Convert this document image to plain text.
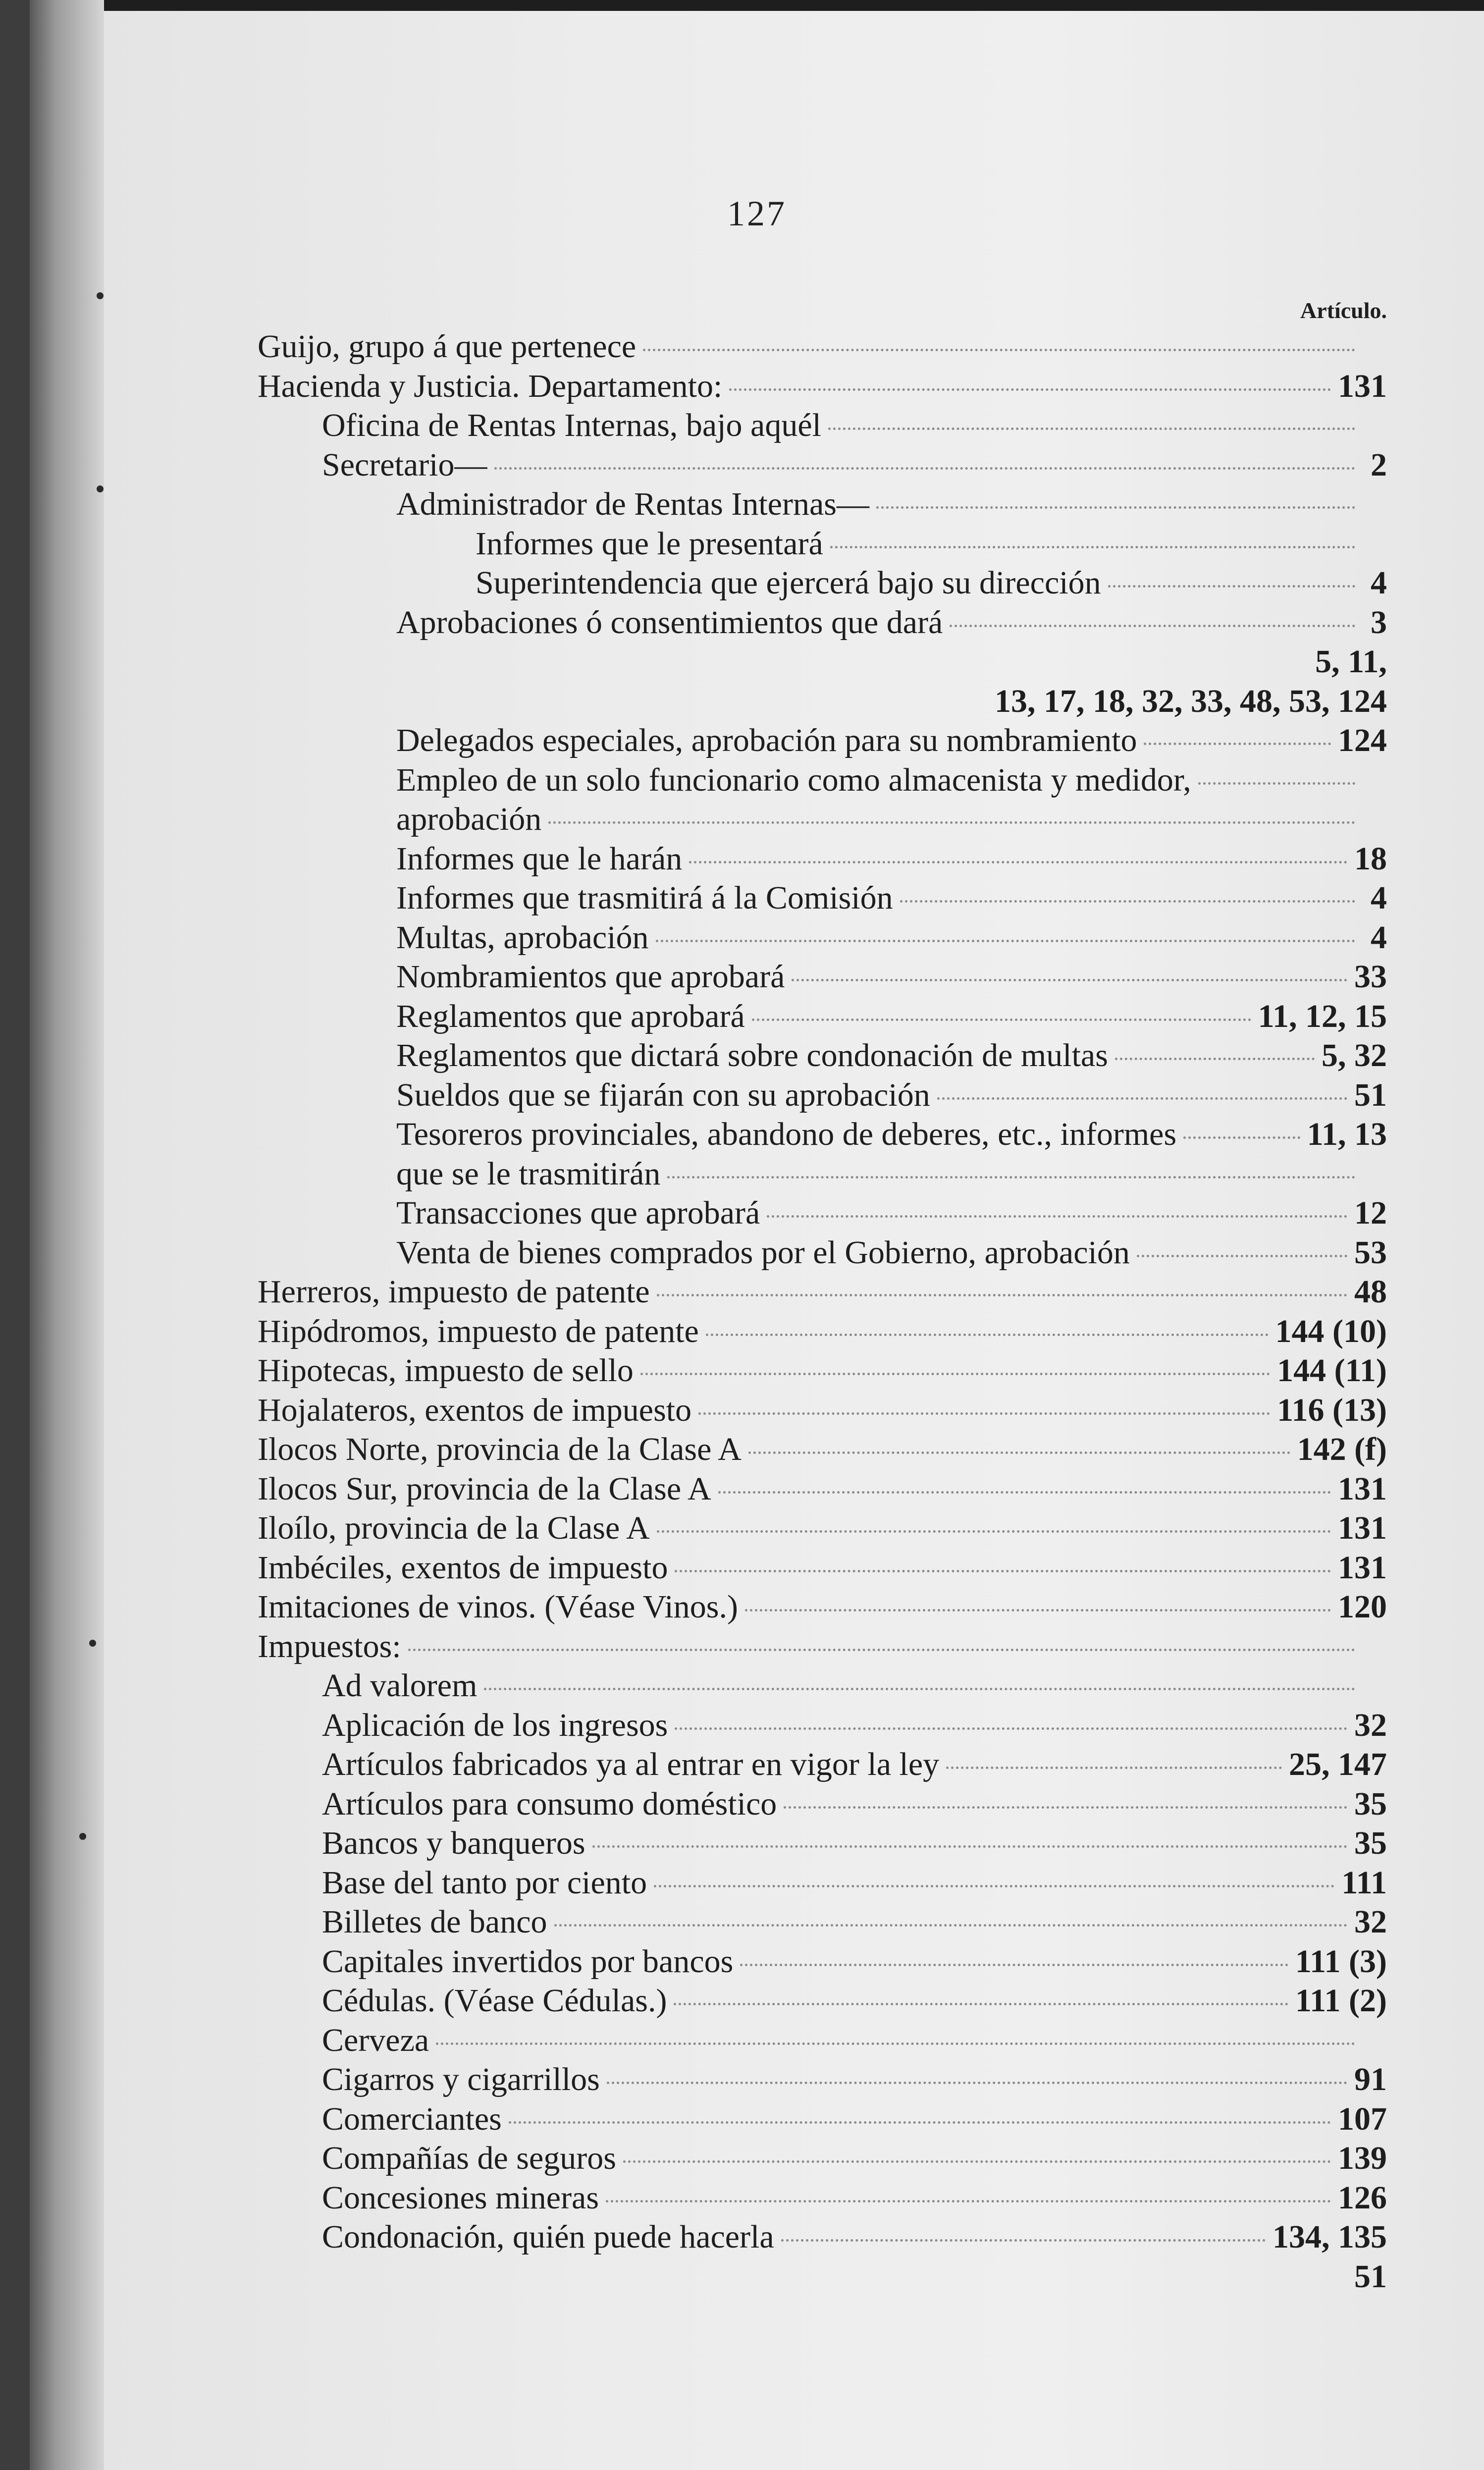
127
Artículo.
Guijo, grupo á que pertenece
Hacienda y Justicia. Departamento:	131
Oficina de Rentas Internas, bajo aquél
Secretario—	2
Administrador de Rentas Internas—
Informes que le presentará
Superintendencia que ejercerá bajo su dirección	4
Aprobaciones ó consentimientos que dará	3
5, 11,
13, 17, 18, 32, 33, 48, 53, 124
Delegados especiales, aprobación para su nombramiento	124
Empleo de un solo funcionario como almacenista y medidor,
aprobación
Informes que le harán	18
Informes que trasmitirá á la Comisión	4
Multas, aprobación	4
Nombramientos que aprobará	33
Reglamentos que aprobará	11, 12, 15
Reglamentos que dictará sobre condonación de multas	5, 32
Sueldos que se fijarán con su aprobación	51
Tesoreros provinciales, abandono de deberes, etc., informes	11, 13
que se le trasmitirán
Transacciones que aprobará	12
Venta de bienes comprados por el Gobierno, aprobación	53
Herreros, impuesto de patente	48
Hipódromos, impuesto de patente	144 (10)
Hipotecas, impuesto de sello	144 (11)
Hojalateros, exentos de impuesto	116 (13)
Ilocos Norte, provincia de la Clase A	142 (f)
Ilocos Sur, provincia de la Clase A	131
Iloílo, provincia de la Clase A	131
Imbéciles, exentos de impuesto	131
Imitaciones de vinos. (Véase Vinos.)	120
Impuestos:
Ad valorem
Aplicación de los ingresos	32
Artículos fabricados ya al entrar en vigor la ley	25, 147
Artículos para consumo doméstico	35
Bancos y banqueros	35
Base del tanto por ciento	111
Billetes de banco	32
Capitales invertidos por bancos	111 (3)
Cédulas. (Véase Cédulas.)	111 (2)
Cerveza
Cigarros y cigarrillos	91
Comerciantes	107
Compañías de seguros	139
Concesiones mineras	126
Condonación, quién puede hacerla	134, 135
51
